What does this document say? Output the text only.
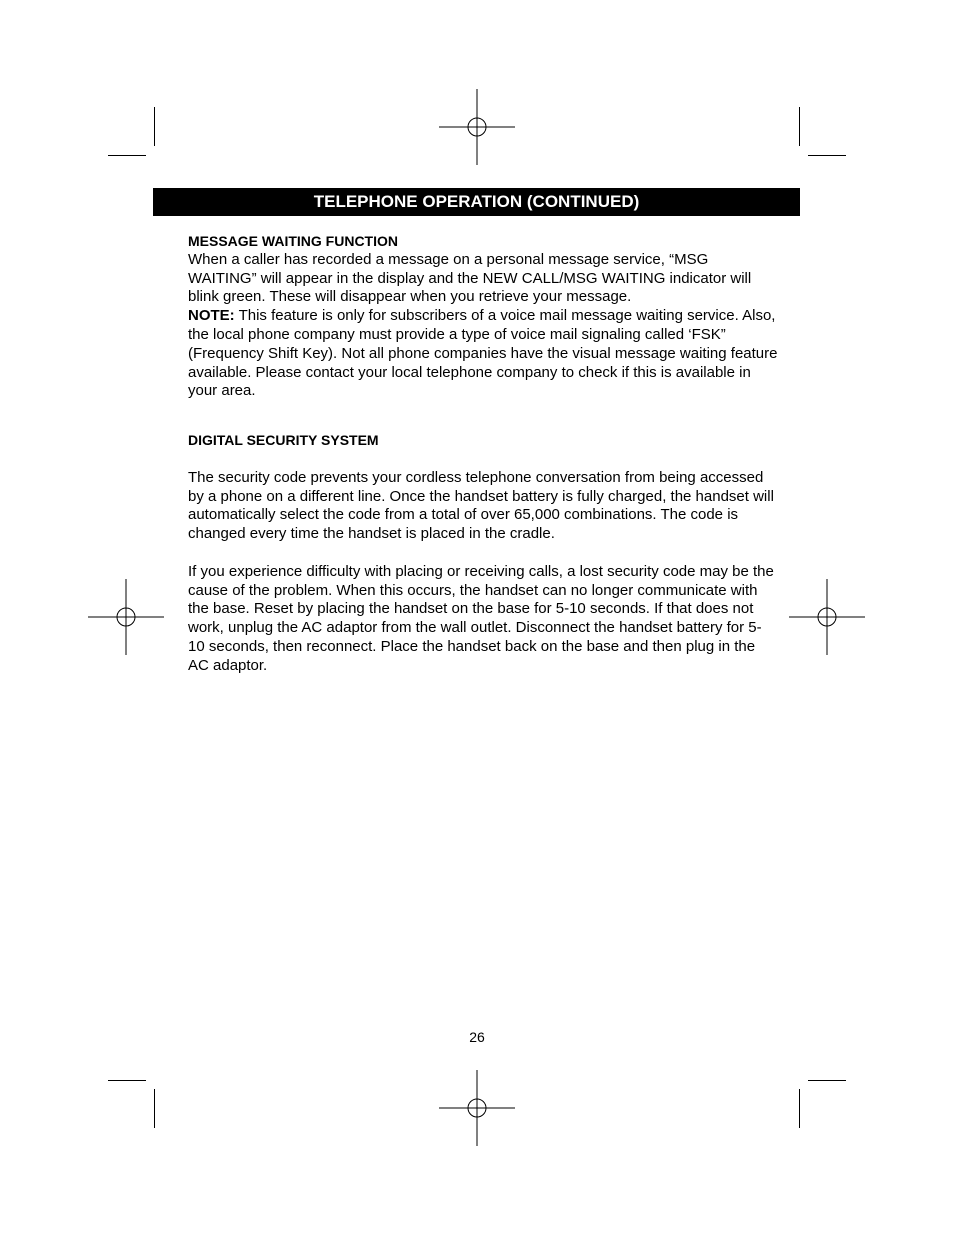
TELEPHONE OPERATION (CONTINUED)

MESSAGE WAITING FUNCTION

When a caller has recorded a message on a personal message service, “MSG WAITING” will appear in the display and the NEW CALL/MSG WAITING indicator will blink green. These will disappear when you retrieve your message.

NOTE: This feature is only for subscribers of a voice mail message waiting service. Also, the local phone company must provide a type of voice mail signaling called ‘FSK” (Frequency Shift Key). Not all phone companies have the visual message waiting feature available. Please contact your local telephone company to check if this is available in your area.

DIGITAL SECURITY SYSTEM

The security code prevents your cordless telephone conversation from being accessed by a phone on a different line. Once the handset battery is fully charged, the handset will automatically select the code from a total of over 65,000 combinations. The code is changed every time the handset is placed in the cradle.

If you experience difficulty with placing or receiving calls, a lost security code may be the cause of the problem. When this occurs, the handset can no longer communicate with the base. Reset by placing the handset on the base for 5-10 seconds. If that does not work, unplug the AC adaptor from the wall outlet. Disconnect the handset battery for 5-10 seconds, then reconnect. Place the handset back on the base and then plug in the AC adaptor.

26
